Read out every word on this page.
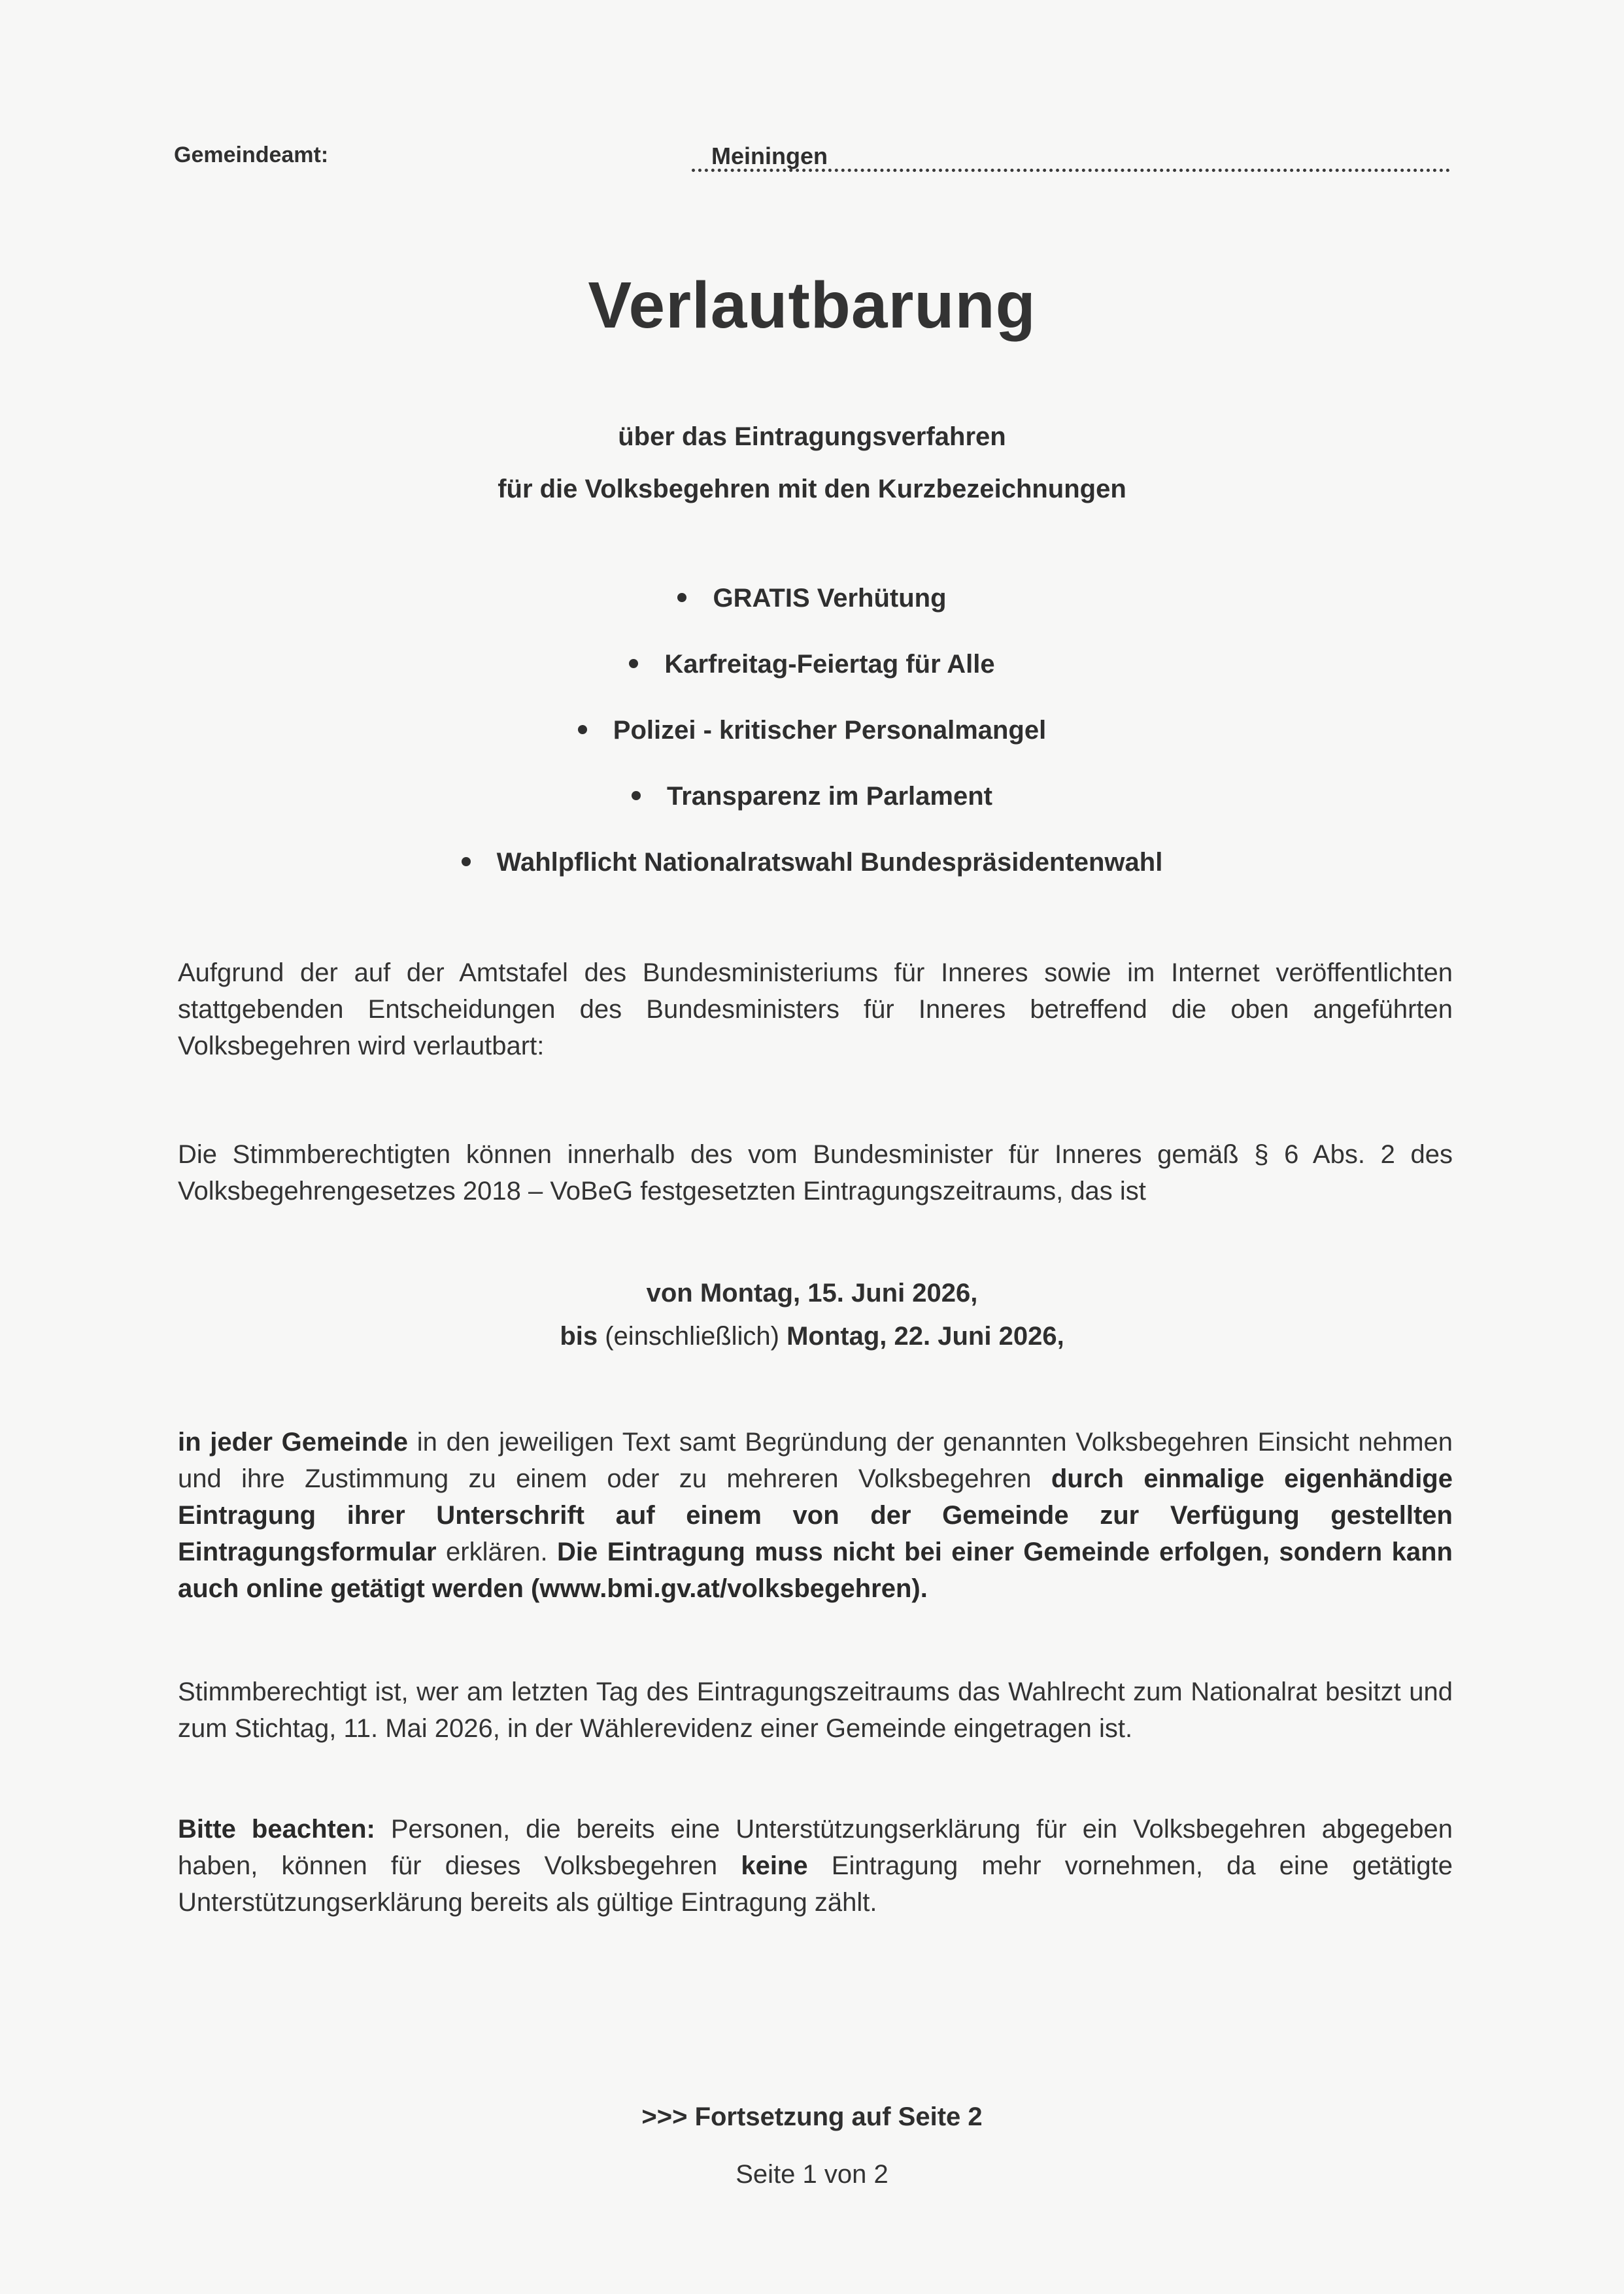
Gemeindeamt:	Meiningen
Verlautbarung
über das Eintragungsverfahren
für die Volksbegehren mit den Kurzbezeichnungen
GRATIS Verhütung
Karfreitag-Feiertag für Alle
Polizei - kritischer Personalmangel
Transparenz im Parlament
Wahlpflicht Nationalratswahl Bundespräsidentenwahl

Aufgrund der auf der Amtstafel des Bundesministeriums für Inneres sowie im Internet veröffentlichten stattgebenden Entscheidungen des Bundesministers für Inneres betreffend die oben angeführten Volksbegehren wird verlautbart:

Die Stimmberechtigten können innerhalb des vom Bundesminister für Inneres gemäß § 6 Abs. 2 des Volksbegehrengesetzes 2018 – VoBeG festgesetzten Eintragungszeitraums, das ist

von Montag, 15. Juni 2026,
bis (einschließlich) Montag, 22. Juni 2026,

in jeder Gemeinde in den jeweiligen Text samt Begründung der genannten Volksbegehren Einsicht nehmen und ihre Zustimmung zu einem oder zu mehreren Volksbegehren durch einmalige eigenhändige Eintragung ihrer Unterschrift auf einem von der Gemeinde zur Verfügung gestellten Eintragungsformular erklären. Die Eintragung muss nicht bei einer Gemeinde erfolgen, sondern kann auch online getätigt werden (www.bmi.gv.at/volksbegehren).

Stimmberechtigt ist, wer am letzten Tag des Eintragungszeitraums das Wahlrecht zum Nationalrat besitzt und zum Stichtag, 11. Mai 2026, in der Wählerevidenz einer Gemeinde eingetragen ist.

Bitte beachten: Personen, die bereits eine Unterstützungserklärung für ein Volksbegehren abgegeben haben, können für dieses Volksbegehren keine Eintragung mehr vornehmen, da eine getätigte Unterstützungserklärung bereits als gültige Eintragung zählt.

>>> Fortsetzung auf Seite 2
Seite 1 von 2
